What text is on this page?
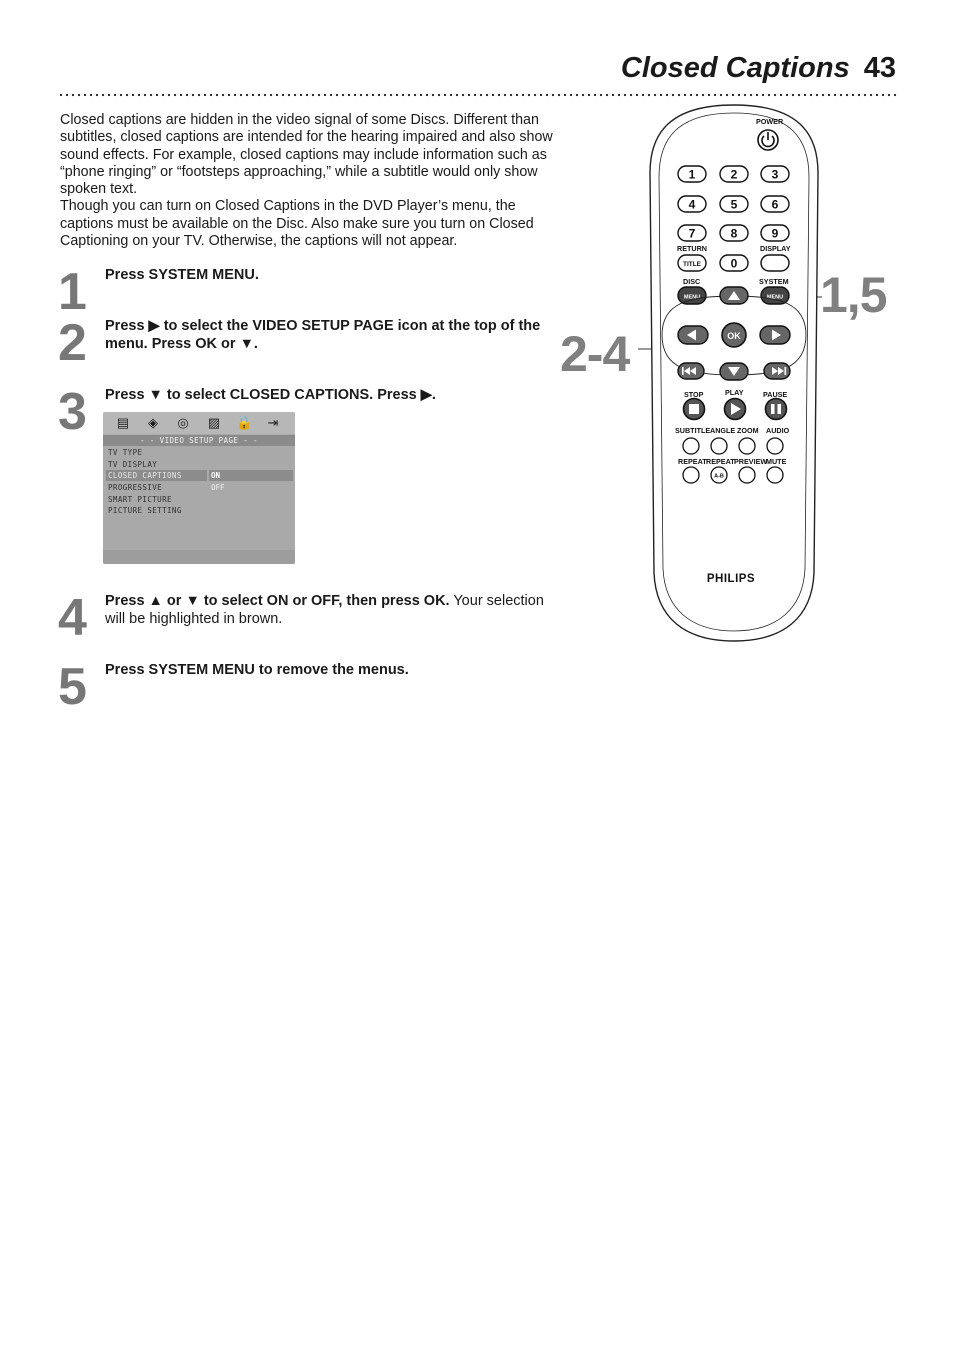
Closed Captions 43

Closed captions are hidden in the video signal of some Discs. Different than subtitles, closed captions are intended for the hearing impaired and also show sound effects. For example, closed captions may include information such as “phone ringing” or “footsteps approaching,” while a subtitle would only show spoken text.

Though you can turn on Closed Captions in the DVD Player’s menu, the captions must be available on the Disc. Also make sure you turn on Closed Captioning on your TV. Otherwise, the captions will not appear.

1 Press SYSTEM MENU.
2 Press ▶ to select the VIDEO SETUP PAGE icon at the top of the menu. Press OK or ▼.
3 Press ▼ to select CLOSED CAPTIONS. Press ▶.
▤ ◈ ◎ ▨ 🔒 ⇥
- - VIDEO SETUP PAGE - -
TV TYPE
TV DISPLAY
CLOSED CAPTIONS
PROGRESSIVE
SMART PICTURE
PICTURE SETTING
ON
OFF
4 Press ▲ or ▼ to select ON or OFF, then press OK. Your selection will be highlighted in brown.
5 Press SYSTEM MENU to remove the menus.
1,5
2-4
POWER
1	2	3
4	5	6
7	8	9
RETURN	DISPLAY
TITLE 0
DISC	SYSTEM
MENU	MENU
OK
STOP	PLAY	PAUSE
SUBTITLE ANGLE ZOOM AUDIO
REPEAT REPEAT PREVIEW
MUTE
A-B
PHILIPS
